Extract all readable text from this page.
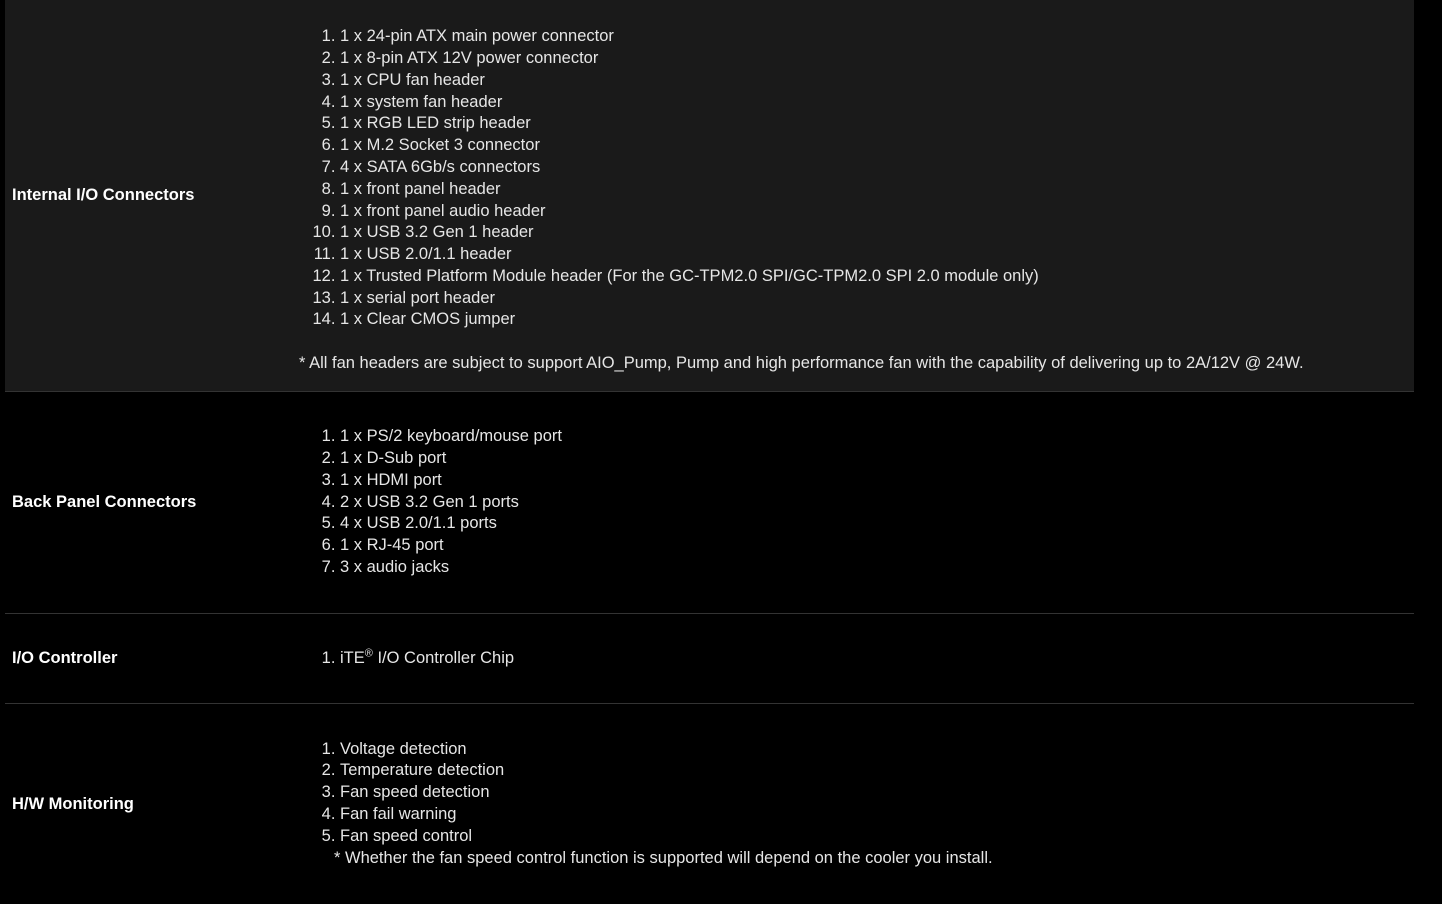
Internal I/O Connectors
1. 1 x 24-pin ATX main power connector
2. 1 x 8-pin ATX 12V power connector
3. 1 x CPU fan header
4. 1 x system fan header
5. 1 x RGB LED strip header
6. 1 x M.2 Socket 3 connector
7. 4 x SATA 6Gb/s connectors
8. 1 x front panel header
9. 1 x front panel audio header
10. 1 x USB 3.2 Gen 1 header
11. 1 x USB 2.0/1.1 header
12. 1 x Trusted Platform Module header (For the GC-TPM2.0 SPI/GC-TPM2.0 SPI 2.0 module only)
13. 1 x serial port header
14. 1 x Clear CMOS jumper
* All fan headers are subject to support AIO_Pump, Pump and high performance fan with the capability of delivering up to 2A/12V @ 24W.
Back Panel Connectors
1. 1 x PS/2 keyboard/mouse port
2. 1 x D-Sub port
3. 1 x HDMI port
4. 2 x USB 3.2 Gen 1 ports
5. 4 x USB 2.0/1.1 ports
6. 1 x RJ-45 port
7. 3 x audio jacks
I/O Controller
1.	iTE® I/O Controller Chip
H/W Monitoring
1. Voltage detection
2. Temperature detection
3. Fan speed detection
4. Fan fail warning
5. Fan speed control
* Whether the fan speed control function is supported will depend on the cooler you install.
